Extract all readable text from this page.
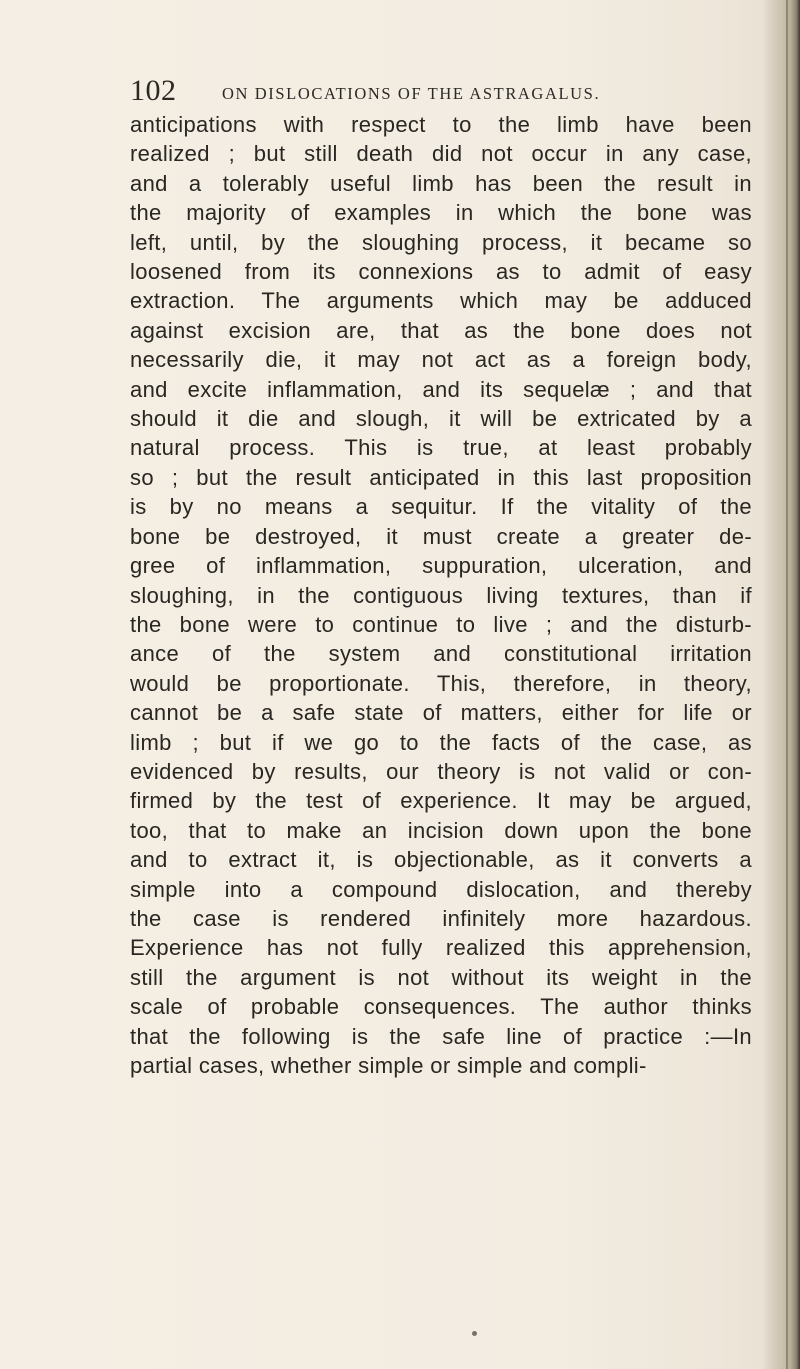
102	ON DISLOCATIONS OF THE ASTRAGALUS.

anticipations with respect to the limb have been
realized ; but still death did not occur in any case,
and a tolerably useful limb has been the result in
the majority of examples in which the bone was
left, until, by the sloughing process, it became so
loosened from its connexions as to admit of easy
extraction. The arguments which may be adduced
against excision are, that as the bone does not
necessarily die, it may not act as a foreign body,
and excite inflammation, and its sequelæ ; and that
should it die and slough, it will be extricated by a
natural process. This is true, at least probably
so ; but the result anticipated in this last proposition
is by no means a sequitur. If the vitality of the
bone be destroyed, it must create a greater de-
gree of inflammation, suppuration, ulceration, and
sloughing, in the contiguous living textures, than if
the bone were to continue to live ; and the disturb-
ance of the system and constitutional irritation
would be proportionate. This, therefore, in theory,
cannot be a safe state of matters, either for life or
limb ; but if we go to the facts of the case, as
evidenced by results, our theory is not valid or con-
firmed by the test of experience. It may be argued,
too, that to make an incision down upon the bone
and to extract it, is objectionable, as it converts a
simple into a compound dislocation, and thereby
the case is rendered infinitely more hazardous.
Experience has not fully realized this apprehension,
still the argument is not without its weight in the
scale of probable consequences. The author thinks
that the following is the safe line of practice :—In
partial cases, whether simple or simple and compli-
